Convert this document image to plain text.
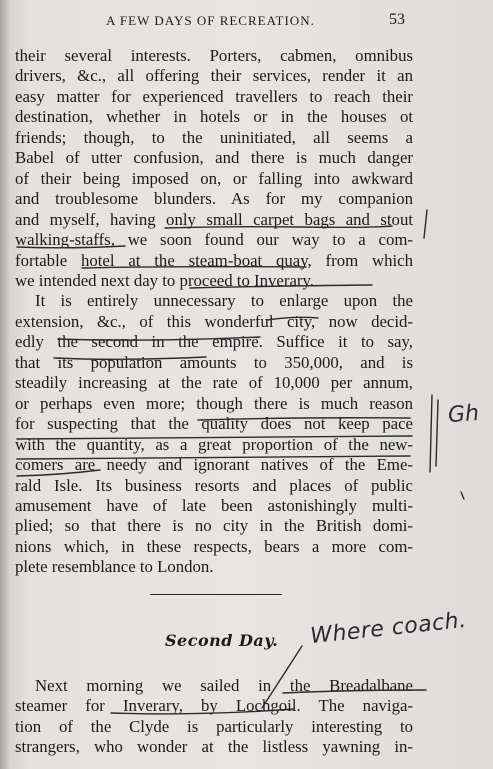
A FEW DAYS OF RECREATION.	53
their several interests. Porters, cabmen, omnibus
drivers, &c., all offering their services, render it an
easy matter for experienced travellers to reach their
destination, whether in hotels or in the houses ot
friends; though, to the uninitiated, all seems a
Babel of utter confusion, and there is much danger
of their being imposed on, or falling into awkward
and troublesome blunders. As for my companion
and myself, having only small carpet bags and stout
walking-staffs, we soon found our way to a com-
fortable hotel at the steam-boat quay, from which
we intended next day to proceed to Inverary.
It is entirely unnecessary to enlarge upon the
extension, &c., of this wonderful city, now decid-
edly the second in the empire. Suffice it to say,
that its population amounts to 350,000, and is
steadily increasing at the rate of 10,000 per annum,
or perhaps even more; though there is much reason
for suspecting that the quality does not keep pace
with the quantity, as a great proportion of the new-
comers are needy and ignorant natives of the Eme-
rald Isle. Its business resorts and places of public
amusement have of late been astonishingly multi-
plied; so that there is no city in the British domi-
nions which, in these respects, bears a more com-
plete resemblance to London.
Second Day.
Next morning we sailed in the Breadalbane
steamer for Inverary, by Lochgoil. The naviga-
tion of the Clyde is particularly interesting to
strangers, who wonder at the listless yawning in-
Where coach.
Gh
